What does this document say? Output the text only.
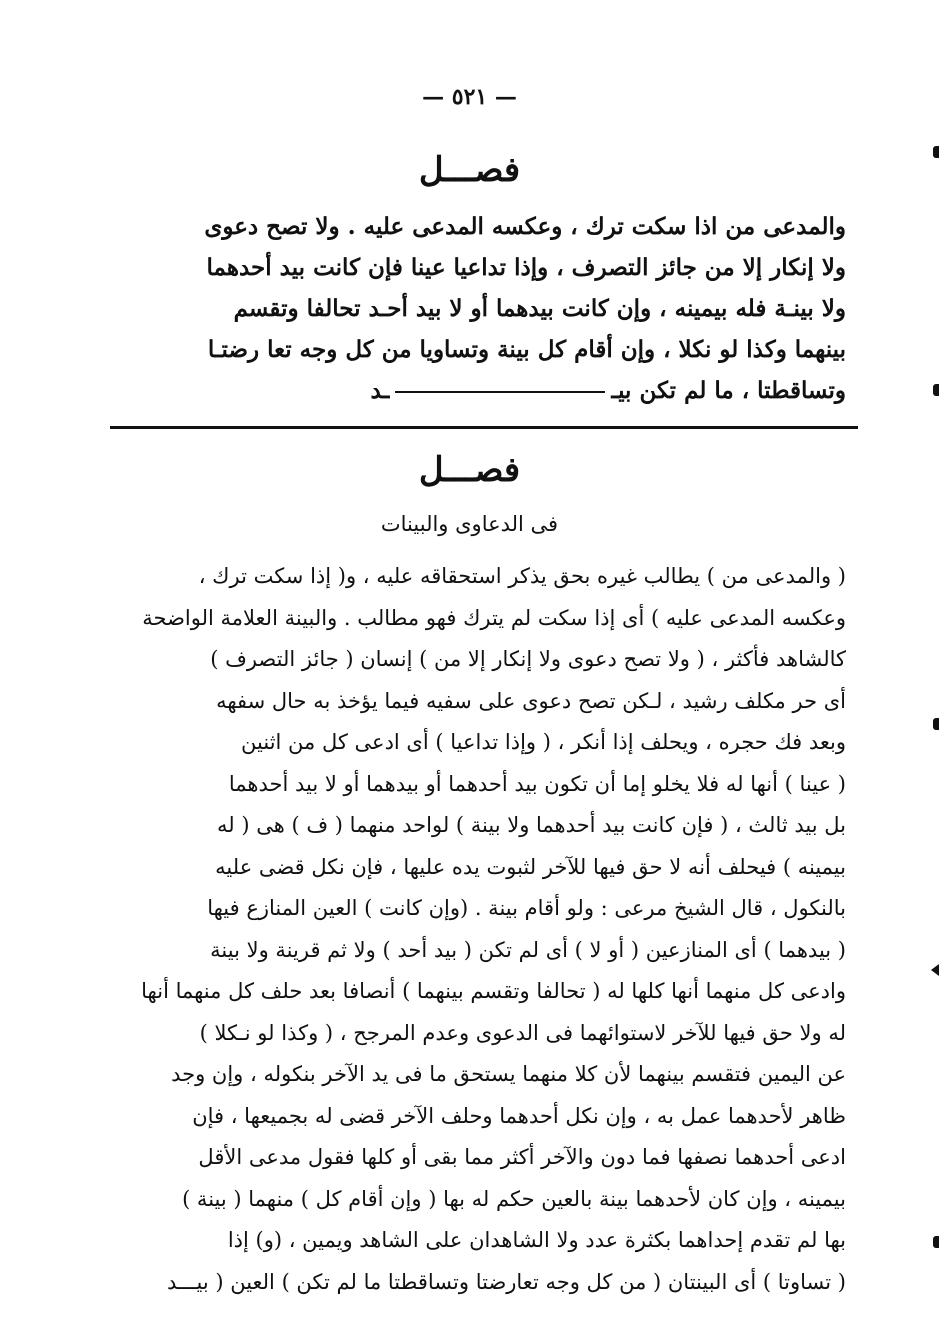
— ٥٢١ —
فصـــل
والمدعى من اذا سكت ترك ، وعكسه المدعى عليه . ولا تصح دعوى
ولا إنكار إلا من جائز التصرف ، وإذا تداعيا عينا فإن كانت بيد أحدهما
ولا بينـة فله بيمينه ، وإن كانت بيدهما أو لا بيد أحـد تحالفا وتقسم
بينهما وكذا لو نكلا ، وإن أقام كل بينة وتساويا من كل وجه تعا رضتـا
وتساقطتا ، ما لم تكن بيــد
فصـــل
فى الدعاوى والبينات
( والمدعى من ) يطالب غيره بحق يذكر استحقاقه عليه ، و( إذا سكت ترك ،
وعكسه المدعى عليه ) أى إذا سكت لم يترك فهو مطالب . والبينة العلامة الواضحة
كالشاهد فأكثر ، ( ولا تصح دعوى ولا إنكار إلا من ) إنسان ( جائز التصرف )
أى حر مكلف رشيد ، لـكن تصح دعوى على سفيه فيما يؤخذ به حال سفهه
وبعد فك حجره ، ويحلف إذا أنكر ، ( وإذا تداعيا ) أى ادعى كل من اثنين
( عينا ) أنها له فلا يخلو إما أن تكون بيد أحدهما أو بيدهما أو لا بيد أحدهما
بل بيد ثالث ، ( فإن كانت بيد أحدهما ولا بينة ) لواحد منهما ( ف ) هى ( له
بيمينه ) فيحلف أنه لا حق فيها للآخر لثبوت يده عليها ، فإن نكل قضى عليه
بالنكول ، قال الشيخ مرعى : ولو أقام بينة . (وإن كانت ) العين المنازع فيها
( بيدهما ) أى المنازعين ( أو لا ) أى لم تكن ( بيد أحد ) ولا ثم قرينة ولا بينة
وادعى كل منهما أنها كلها له ( تحالفا وتقسم بينهما ) أنصافا بعد حلف كل منهما أنها
له ولا حق فيها للآخر لاستوائهما فى الدعوى وعدم المرجح ، ( وكذا لو نـكلا )
عن اليمين فتقسم بينهما لأن كلا منهما يستحق ما فى يد الآخر بنكوله ، وإن وجد
ظاهر لأحدهما عمل به ، وإن نكل أحدهما وحلف الآخر قضى له بجميعها ، فإن
ادعى أحدهما نصفها فما دون والآخر أكثر مما بقى أو كلها فقول مدعى الأقل
بيمينه ، وإن كان لأحدهما بينة بالعين حكم له بها ( وإن أقام كل ) منهما ( بينة )
بها لم تقدم إحداهما بكثرة عدد ولا الشاهدان على الشاهد ويمين ، (و) إذا
( تساوتا ) أى البينتان ( من كل وجه تعارضتا وتساقطتا ما لم تكن ) العين ( بيـــد
